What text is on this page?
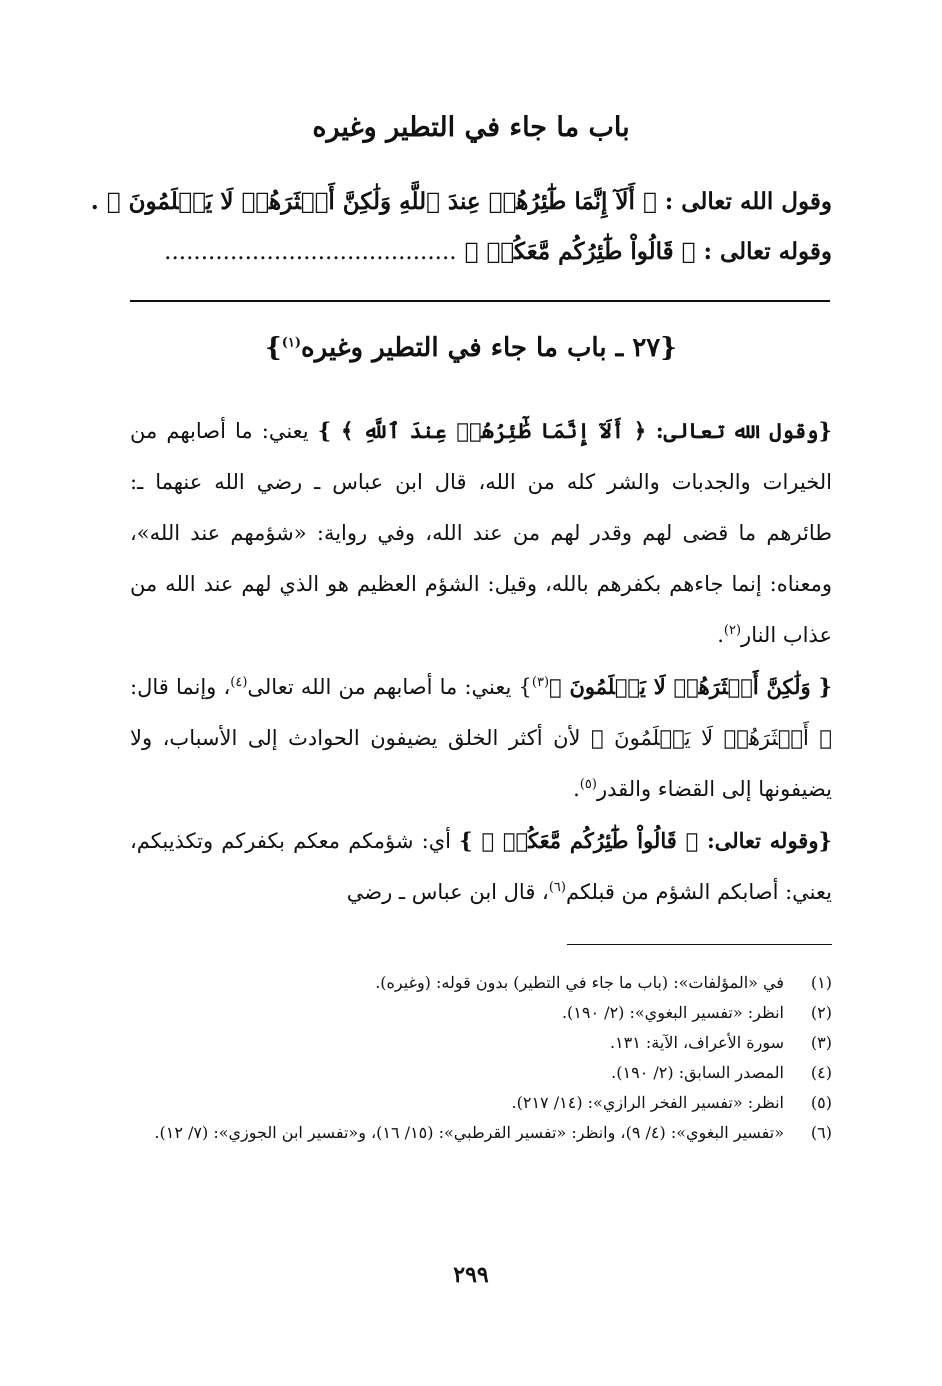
باب ما جاء في التطير وغيره
وقول الله تعالى : ﴿ أَلَآ إِنَّمَا طَٰٓئِرُهُمۡ عِندَ ٱللَّهِ وَلَٰكِنَّ أَكۡثَرَهُمۡ لَا يَعۡلَمُونَ ﴾ .
وقوله تعالى : ﴿ قَالُواْ طَٰٓئِرُكُم مَّعَكُمۡ ﴾ ........................................
{٢٧ ـ باب ما جاء في التطير وغيره$^{(١)}$}

{وقول الله تعالى: ﴿ أَلَآ إِنَّمَا طَٰٓئِرُهُمۡ عِندَ ٱللَّهِ ﴾ } يعني: ما أصابهم من الخيرات والجدبات والشر كله من الله، قال ابن عباس ـ رضي الله عنهما ـ: طائرهم ما قضى لهم وقدر لهم من عند الله، وفي رواية: «شؤمهم عند الله»، ومعناه: إنما جاءهم بكفرهم بالله، وقيل: الشؤم العظيم هو الذي لهم عند الله من عذاب النار$^{(٢)}$.

{ وَلَٰكِنَّ أَكۡثَرَهُمۡ لَا يَعۡلَمُونَ ﴾$^{(٣)}$} يعني: ما أصابهم من الله تعالى$^{(٤)}$، وإنما قال: ﴿ أَكۡثَرَهُمۡ لَا يَعۡلَمُونَ ﴾ لأن أكثر الخلق يضيفون الحوادث إلى الأسباب، ولا يضيفونها إلى القضاء والقدر$^{(٥)}$.

{وقوله تعالى: ﴿ قَالُواْ طَٰٓئِرُكُم مَّعَكُمۡ ﴾ } أي: شؤمكم معكم بكفركم وتكذيبكم، يعني: أصابكم الشؤم من قبلكم$^{(٦)}$، قال ابن عباس ـ رضي

(١)
في «المؤلفات»: (باب ما جاء في التطير) بدون قوله: (وغيره).
(٢)
انظر: «تفسير البغوي»: (٢/ ١٩٠).
(٣)
سورة الأعراف، الآية: ١٣١.
(٤)
المصدر السابق: (٢/ ١٩٠).
(٥)
انظر: «تفسير الفخر الرازي»: (١٤/ ٢١٧).
(٦)
«تفسير البغوي»: (٤/ ٩)، وانظر: «تفسير القرطبي»: (١٥/ ١٦)، و«تفسير ابن الجوزي»: (٧/ ١٢).
٢٩٩
